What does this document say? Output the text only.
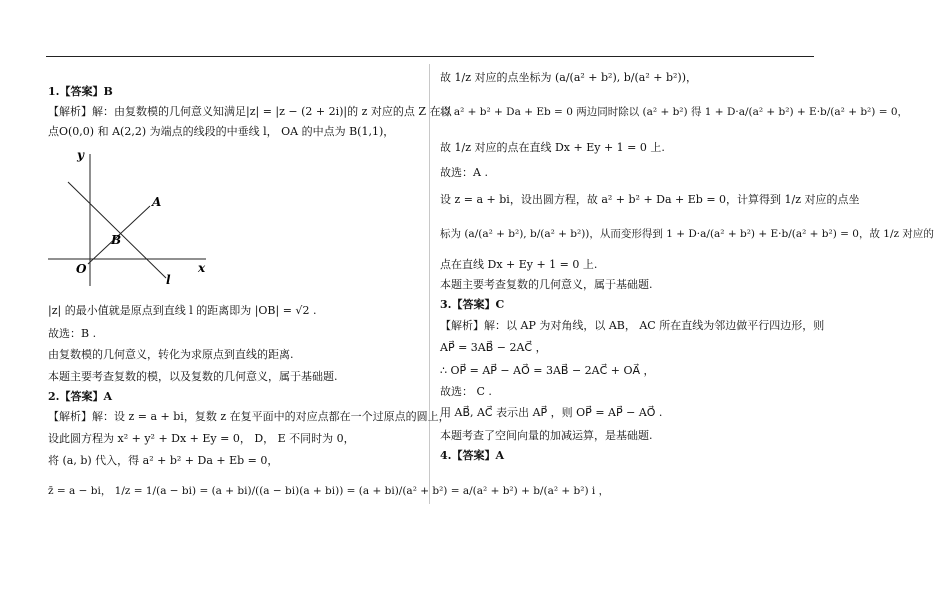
1.【答案】B
【解析】解：由复数模的几何意义知满足|z| = |z − (2 + 2i)|的 z 对应的点 Z 在以
点O(0,0) 和 A(2,2) 为端点的线段的中垂线 l， OA 的中点为 B(1,1)，
y
x
O
A
B
l
|z| 的最小值就是原点到直线 l 的距离即为 |OB| = √2 .
故选：B .
由复数模的几何意义，转化为求原点到直线的距离.
本题主要考查复数的模，以及复数的几何意义，属于基础题.
2.【答案】A
【解析】解：设 z = a + bi，复数 z 在复平面中的对应点都在一个过原点的圆上，
设此圆方程为 x² + y² + Dx + Ey = 0， D， E 不同时为 0，
将 (a, b) 代入，得 a² + b² + Da + Eb = 0，
z̄ = a − bi， 1/z = 1/(a − bi) = (a + bi)/((a − bi)(a + bi)) = (a + bi)/(a² + b²) = a/(a² + b²) + b/(a² + b²) i ，
故 1/z 对应的点坐标为 (a/(a² + b²), b/(a² + b²))，
将 a² + b² + Da + Eb = 0 两边同时除以 (a² + b²) 得 1 + D·a/(a² + b²) + E·b/(a² + b²) = 0，
故 1/z 对应的点在直线 Dx + Ey + 1 = 0 上.
故选：A .
设 z = a + bi，设出圆方程，故 a² + b² + Da + Eb = 0，计算得到 1/z 对应的点坐
标为 (a/(a² + b²), b/(a² + b²))，从而变形得到 1 + D·a/(a² + b²) + E·b/(a² + b²) = 0，故 1/z 对应的
点在直线 Dx + Ey + 1 = 0 上.
本题主要考查复数的几何意义，属于基础题.
3.【答案】C
【解析】解：以 AP 为对角线，以 AB， AC 所在直线为邻边做平行四边形，则
AP⃗ = 3AB⃗ − 2AC⃗ ，
∴ OP⃗ = AP⃗ − AO⃗ = 3AB⃗ − 2AC⃗ + OA⃗ ，
故选： C .
用 AB⃗, AC⃗ 表示出 AP⃗ ，则 OP⃗ = AP⃗ − AO⃗ .
本题考查了空间向量的加减运算，是基础题.
4.【答案】A
